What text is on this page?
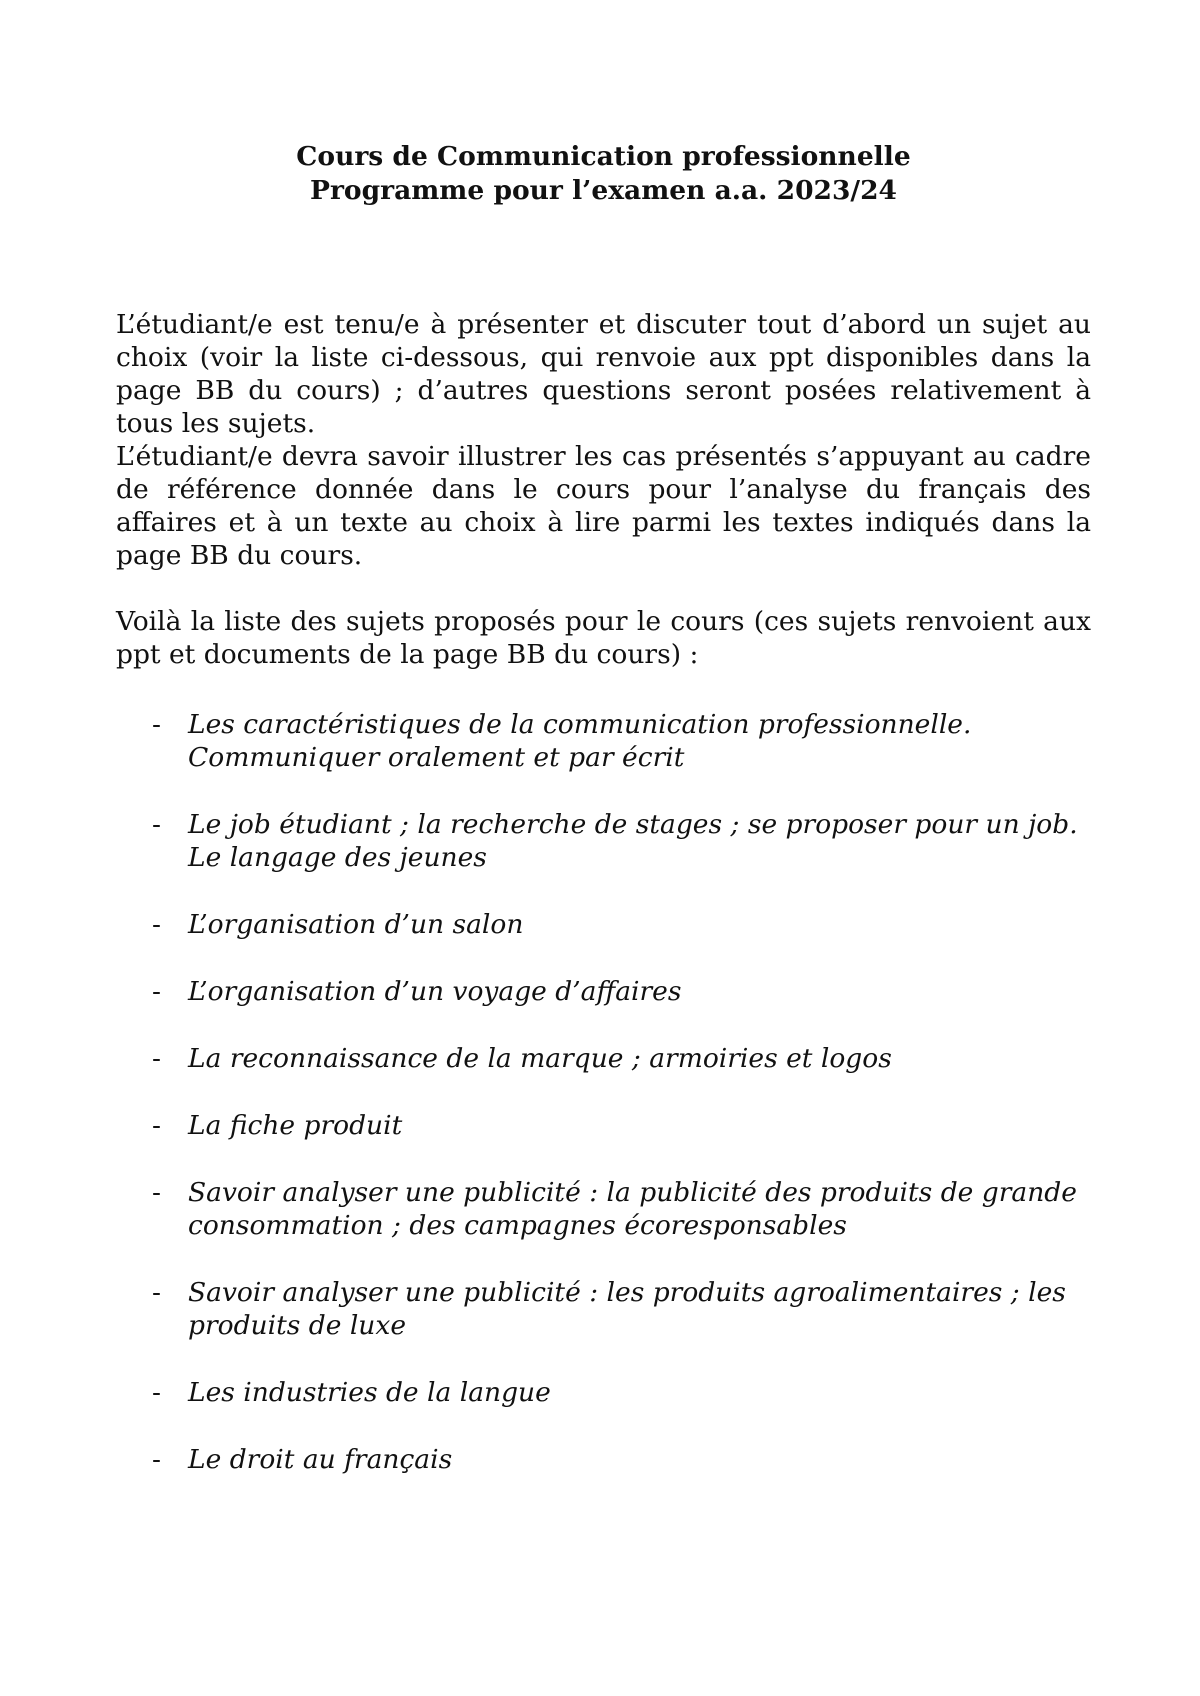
Cours de Communication professionnelle
Programme pour l’examen a.a. 2023/24

L’étudiant/e est tenu/e à présenter et discuter tout d’abord un sujet au choix (voir la liste ci-dessous, qui renvoie aux ppt disponibles dans la page BB du cours) ; d’autres questions seront posées relativement à tous les sujets.

L’étudiant/e devra savoir illustrer les cas présentés s’appuyant au cadre de référence donnée dans le cours pour l’analyse du français des affaires et à un texte au choix à lire parmi les textes indiqués dans la page BB du cours.

Voilà la liste des sujets proposés pour le cours (ces sujets renvoient aux ppt et documents de la page BB du cours) :

- Les caractéristiques de la communication professionnelle. Communiquer oralement et par écrit
- Le job étudiant ; la recherche de stages ; se proposer pour un job. Le langage des jeunes
- L’organisation d’un salon
- L’organisation d’un voyage d’affaires
- La reconnaissance de la marque ; armoiries et logos
- La fiche produit
- Savoir analyser une publicité : la publicité des produits de grande consommation ; des campagnes écoresponsables
- Savoir analyser une publicité : les produits agroalimentaires ; les produits de luxe
- Les industries de la langue
- Le droit au français
